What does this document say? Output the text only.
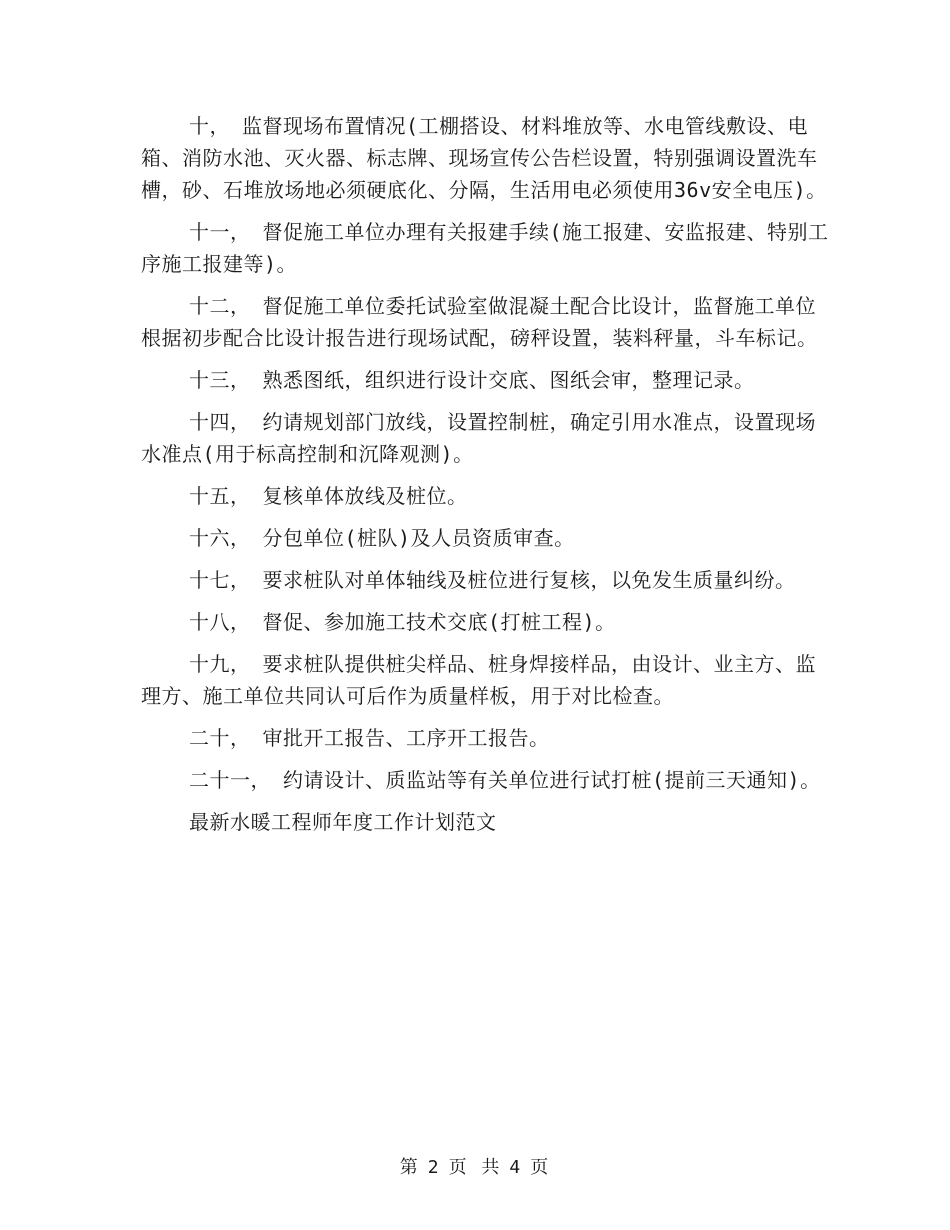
十， 监督现场布置情况(工棚搭设、材料堆放等、水电管线敷设、电箱、消防水池、灭火器、标志牌、现场宣传公告栏设置，特别强调设置洗车槽，砂、石堆放场地必须硬底化、分隔，生活用电必须使用36v安全电压)。

十一， 督促施工单位办理有关报建手续(施工报建、安监报建、特别工序施工报建等)。

十二， 督促施工单位委托试验室做混凝土配合比设计，监督施工单位根据初步配合比设计报告进行现场试配，磅秤设置，装料秤量，斗车标记。

十三， 熟悉图纸，组织进行设计交底、图纸会审，整理记录。

十四， 约请规划部门放线，设置控制桩，确定引用水准点，设置现场水准点(用于标高控制和沉降观测)。

十五， 复核单体放线及桩位。

十六， 分包单位(桩队)及人员资质审查。

十七， 要求桩队对单体轴线及桩位进行复核，以免发生质量纠纷。

十八， 督促、参加施工技术交底(打桩工程)。

十九， 要求桩队提供桩尖样品、桩身焊接样品，由设计、业主方、监理方、施工单位共同认可后作为质量样板，用于对比检查。

二十， 审批开工报告、工序开工报告。

二十一， 约请设计、质监站等有关单位进行试打桩(提前三天通知)。

最新水暖工程师年度工作计划范文

第 2 页 共 4 页
